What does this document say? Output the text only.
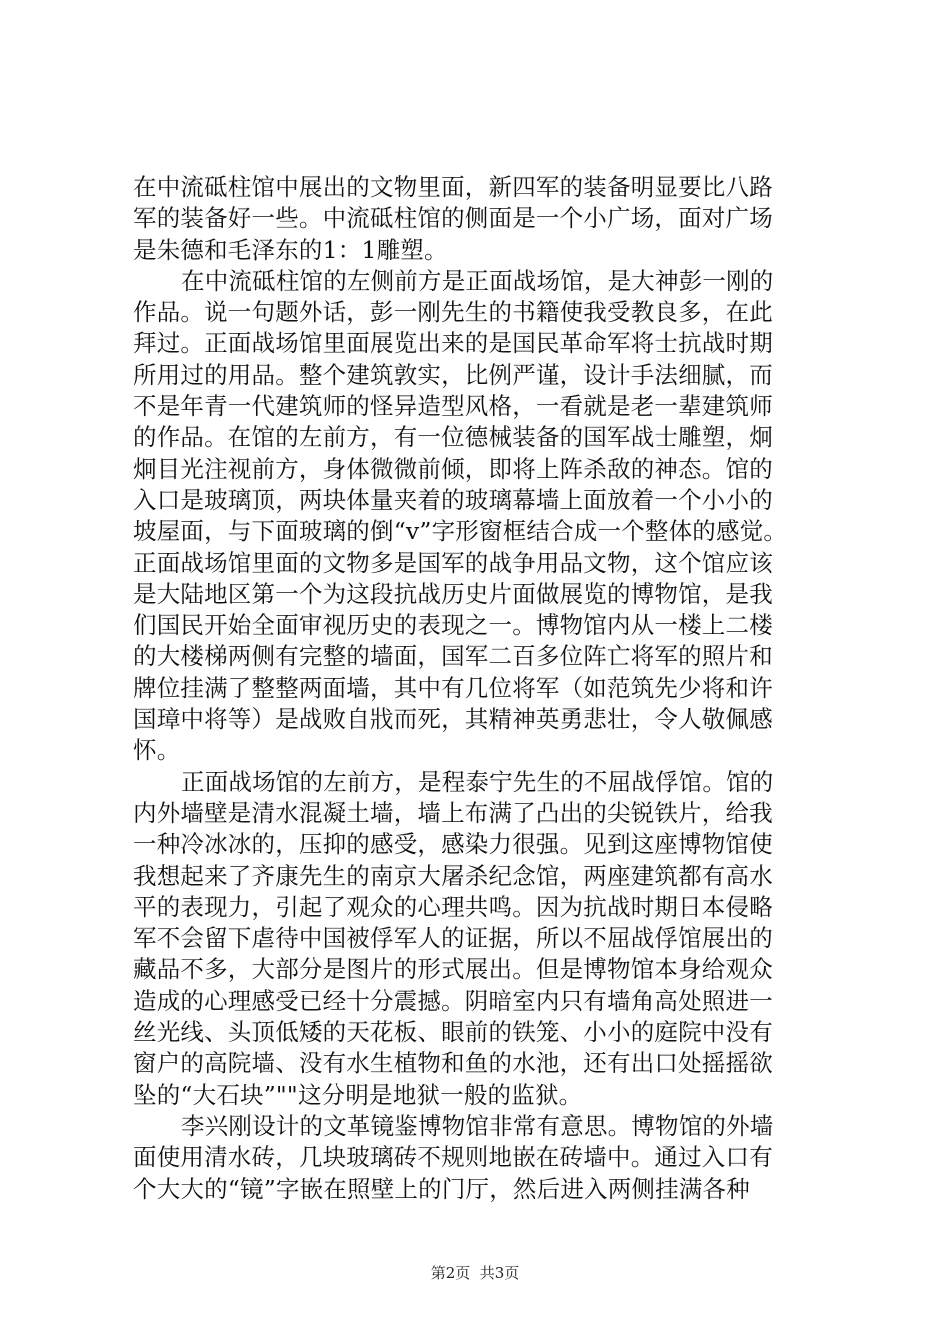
在中流砥柱馆中展出的文物里面，新四军的装备明显要比八路
军的装备好一些。中流砥柱馆的侧面是一个小广场，面对广场
是朱德和毛泽东的1：1雕塑。
在中流砥柱馆的左侧前方是正面战场馆，是大神彭一刚的
作品。说一句题外话，彭一刚先生的书籍使我受教良多，在此
拜过。正面战场馆里面展览出来的是国民革命军将士抗战时期
所用过的用品。整个建筑敦实，比例严谨，设计手法细腻，而
不是年青一代建筑师的怪异造型风格，一看就是老一辈建筑师
的作品。在馆的左前方，有一位德械装备的国军战士雕塑，炯
炯目光注视前方，身体微微前倾，即将上阵杀敌的神态。馆的
入口是玻璃顶，两块体量夹着的玻璃幕墙上面放着一个小小的
坡屋面，与下面玻璃的倒“v”字形窗框结合成一个整体的感觉。
正面战场馆里面的文物多是国军的战争用品文物，这个馆应该
是大陆地区第一个为这段抗战历史片面做展览的博物馆，是我
们国民开始全面审视历史的表现之一。博物馆内从一楼上二楼
的大楼梯两侧有完整的墙面，国军二百多位阵亡将军的照片和
牌位挂满了整整两面墙，其中有几位将军（如范筑先少将和许
国璋中将等）是战败自戕而死，其精神英勇悲壮，令人敬佩感
怀。
正面战场馆的左前方，是程泰宁先生的不屈战俘馆。馆的
内外墙壁是清水混凝土墙，墙上布满了凸出的尖锐铁片，给我
一种冷冰冰的，压抑的感受，感染力很强。见到这座博物馆使
我想起来了齐康先生的南京大屠杀纪念馆，两座建筑都有高水
平的表现力，引起了观众的心理共鸣。因为抗战时期日本侵略
军不会留下虐待中国被俘军人的证据，所以不屈战俘馆展出的
藏品不多，大部分是图片的形式展出。但是博物馆本身给观众
造成的心理感受已经十分震撼。阴暗室内只有墙角高处照进一
丝光线、头顶低矮的天花板、眼前的铁笼、小小的庭院中没有
窗户的高院墙、没有水生植物和鱼的水池，还有出口处摇摇欲
坠的“大石块”""这分明是地狱一般的监狱。
李兴刚设计的文革镜鉴博物馆非常有意思。博物馆的外墙
面使用清水砖，几块玻璃砖不规则地嵌在砖墙中。通过入口有
个大大的“镜”字嵌在照壁上的门厅，然后进入两侧挂满各种
第2页  共3页
